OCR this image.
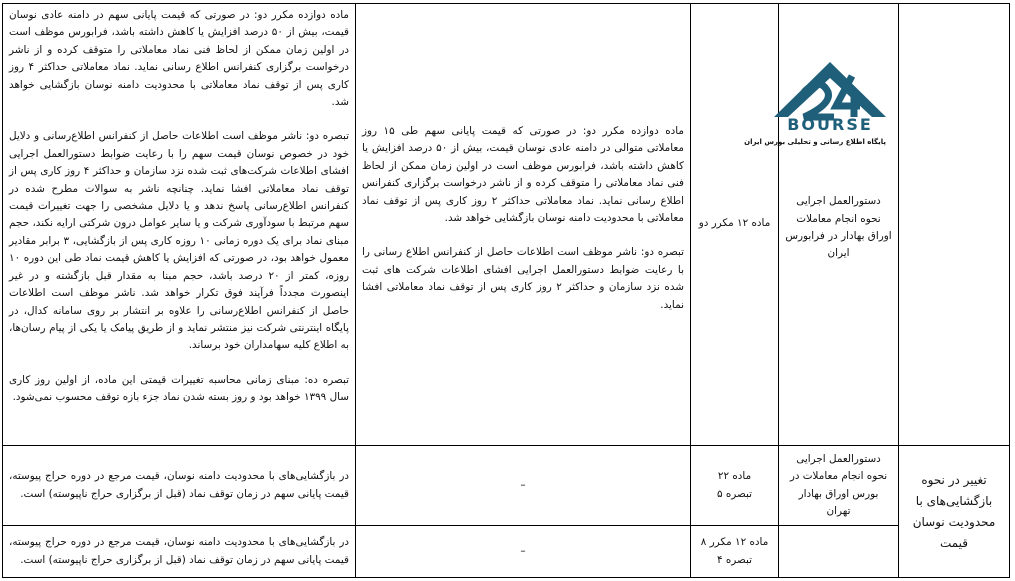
ماده دوازده مکرر دو: در صورتی که قیمت پایانی سهم در دامنه عادی نوسان قیمت، بیش از ۵۰ درصد افزایش یا کاهش داشته باشد، فرابورس موظف است در اولین زمان ممکن از لحاظ فنی نماد معاملاتی را متوقف کرده و از ناشر درخواست برگزاری کنفرانس اطلاع رسانی نماید. نماد معاملاتی حداکثر ۴ روز کاری پس از توقف نماد معاملاتی با محدودیت دامنه نوسان بازگشایی خواهد شد.

تبصره دو: ناشر موظف است اطلاعات حاصل از کنفرانس اطلاع‌رسانی و دلایل خود در خصوص نوسان قیمت سهم را با رعایت ضوابط دستورالعمل اجرایی افشای اطلاعات شرکت‌های ثبت شده نزد سازمان و حداکثر ۴ روز کاری پس از توقف نماد معاملاتی افشا نماید. چنانچه ناشر به سوالات مطرح شده در کنفرانس اطلاع‌رسانی پاسخ ندهد و یا دلایل مشخصی را جهت تغییرات قیمت سهم مرتبط با سودآوری شرکت و یا سایر عوامل درون شرکتی ارایه نکند، حجم مبنای نماد برای یک دوره زمانی ۱۰ روزه کاری پس از بازگشایی، ۳ برابر مقادیر معمول خواهد بود، در صورتی که افزایش یا کاهش قیمت نماد طی این دوره ۱۰ روزه، کمتر از ۲۰ درصد باشد، حجم مبنا به مقدار قبل بازگشته و در غیر اینصورت مجدداً فرآیند فوق تکرار خواهد شد. ناشر موظف است اطلاعات حاصل از کنفرانس اطلاع‌رسانی را علاوه بر انتشار بر روی سامانه کدال، در پایگاه اینترنتی شرکت نیز منتشر نماید و از طریق پیامک یا یکی از پیام رسان‌ها، به اطلاع کلیه سهامداران خود برساند.

تبصره ده: مبنای زمانی محاسبه تغییرات قیمتی این ماده، از اولین روز کاری سال ۱۳۹۹ خواهد بود و روز بسته شدن نماد جزء بازه توقف محسوب نمی‌شود.

ماده دوازده مکرر دو: در صورتی که قیمت پایانی سهم طی ۱۵ روز معاملاتی متوالی در دامنه عادی نوسان قیمت، بیش از ۵۰ درصد افزایش یا کاهش داشته باشد، فرابورس موظف است در اولین زمان ممکن از لحاظ فنی نماد معاملاتی را متوقف کرده و از ناشر درخواست برگزاری کنفرانس اطلاع رسانی نماید. نماد معاملاتی حداکثر ۲ روز کاری پس از توقف نماد معاملاتی با محدودیت دامنه نوسان بازگشایی خواهد شد.

تبصره دو: ناشر موظف است اطلاعات حاصل از کنفرانس اطلاع رسانی را با رعایت ضوابط دستورالعمل اجرایی افشای اطلاعات شرکت های ثبت شده نزد سازمان و حداکثر ۲ روز کاری پس از توقف نماد معاملاتی افشا نماید.

ماده ۱۲ مکرر دو

دستورالعمل اجرایی نحوه انجام معاملات اوراق بهادار در فرابورس ایران

در بازگشایی‌های با محدودیت دامنه نوسان، قیمت مرجع در دوره حراج پیوسته، قیمت پایانی سهم در زمان توقف نماد (قبل از برگزاری حراج ناپیوسته) است.

–

ماده ۲۲

تبصره ۵

دستورالعمل اجرایی نحوه انجام معاملات در بورس اوراق بهادار تهران

تغییر در نحوه بازگشایی‌های با محدودیت نوسان قیمت

در بازگشایی‌های با محدودیت دامنه نوسان، قیمت مرجع در دوره حراج پیوسته، قیمت پایانی سهم در زمان توقف نماد (قبل از برگزاری حراج ناپیوسته) است.

–

ماده ۱۲ مکرر ۸

تبصره ۴

BOURSE
پایگاه اطلاع رسانی و تحلیلی بورس ایران
